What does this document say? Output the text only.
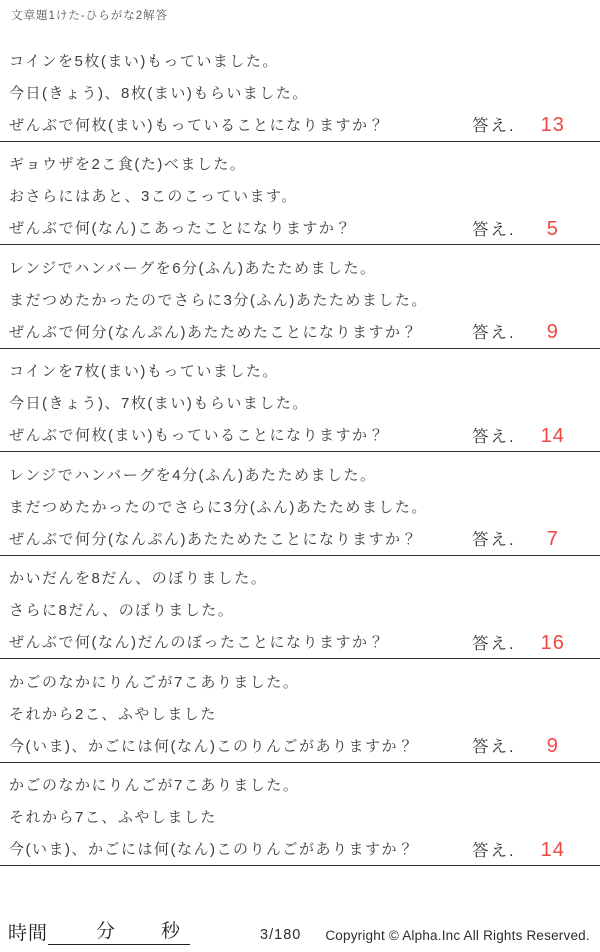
文章題1けた-ひらがな2解答
コインを5枚(まい)もっていました。
今日(きょう)、8枚(まい)もらいました。
ぜんぶで何枚(まい)もっていることになりますか？	答え.	13
ギョウザを2こ食(た)べました。
おさらにはあと、3このこっています。
ぜんぶで何(なん)こあったことになりますか？	答え.	5
レンジでハンバーグを6分(ふん)あたためました。
まだつめたかったのでさらに3分(ふん)あたためました。
ぜんぶで何分(なんぷん)あたためたことになりますか？	答え.	9
コインを7枚(まい)もっていました。
今日(きょう)、7枚(まい)もらいました。
ぜんぶで何枚(まい)もっていることになりますか？	答え.	14
レンジでハンバーグを4分(ふん)あたためました。
まだつめたかったのでさらに3分(ふん)あたためました。
ぜんぶで何分(なんぷん)あたためたことになりますか？	答え.	7
かいだんを8だん、のぼりました。
さらに8だん、のぼりました。
ぜんぶで何(なん)だんのぼったことになりますか？	答え.	16
かごのなかにりんごが7こありました。
それから2こ、ふやしました
今(いま)、かごには何(なん)このりんごがありますか？	答え.	9
かごのなかにりんごが7こありました。
それから7こ、ふやしました
今(いま)、かごには何(なん)このりんごがありますか？	答え.	14
時間	分 秒	3/180 Copyright © Alpha.Inc All Rights Reserved.
